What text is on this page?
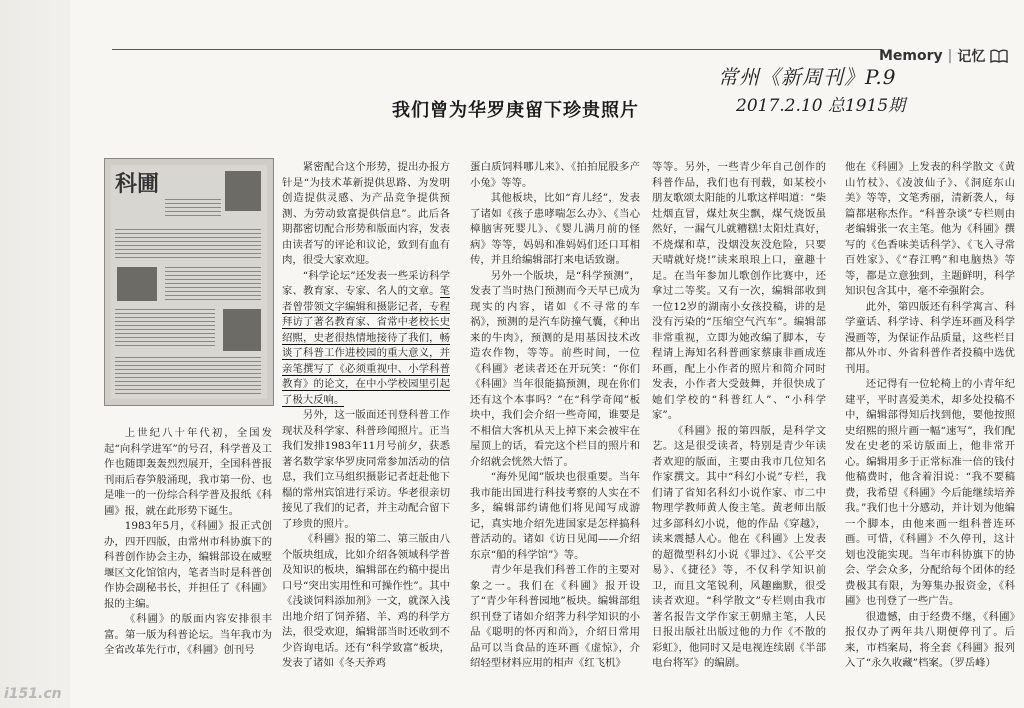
Memory | 记忆
常州《新周刊》P.9
2017.2.10 总1915期
我们曾为华罗庚留下珍贵照片
科圃

上世纪八十年代初，全国发起“向科学进军”的号召，科学普及工作也随即轰轰烈烈展开，全国科普报刊雨后春笋般涌现，我市第一份、也是唯一的一份综合科学普及报纸《科圃》报，就在此形势下诞生。

1983年5月，《科圃》报正式创办，四开四版，由常州市科协旗下的科普创作协会主办，编辑部设在威墅堰区文化馆馆内，笔者当时是科普创作协会副秘书长，并担任了《科圃》报的主编。

《科圃》的版面内容安排很丰富。第一版为科普论坛。当年我市为全省改革先行市，《科圃》创刊号

紧密配合这个形势，提出办报方针是“为技术革新提供思路、为发明创造提供灵感、为产品竞争提供预测、为劳动致富提供信息”。此后各期都密切配合形势和版面内容，发表由读者写的评论和议论，致到有血有肉，很受大家欢迎。

“科学论坛”还发表一些采访科学家、教育家、专家、名人的文章。笔者曾带领文字编辑和摄影记者，专程拜访了著名教育家、省常中老校长史绍熙，史老很热情地接待了我们，畅谈了科普工作进校园的重大意义，并亲笔撰写了《必须重视中、小学科普教育》的论文，在中小学校园里引起了极大反响。

另外，这一版面还刊登科普工作现状及科学家、科普珍闻照片。正当我们发排1983年11月号前夕，获悉著名数学家华罗庚同常参加活动的信息，我们立马组织摄影记者赶赴他下榻的常州宾馆进行采访。华老很亲切接见了我们的记者，并主动配合留下了珍贵的照片。

《科圃》报的第二、第三版由八个版块组成，比如介绍各领域科学普及知识的板块，编辑部在约稿中提出口号“突出实用性和可操作性”。其中《浅谈饲料添加剂》一文，就深入浅出地介绍了饲养猪、羊、鸡的科学方法，很受欢迎，编辑部当时还收到不少咨询电话。还有“科学致富”板块，发表了诸如《冬天养鸡

蛋白质饲料哪儿来》、《拍拍屁股多产小兔》等等。

其他板块，比如“育儿经”，发表了诸如《孩子患哮喘怎么办》、《当心樟脑害死婴儿》、《婴儿满月前的怪病》等等，妈妈和准妈妈们还口耳相传，并且给编辑部打来电话致谢。

另外一个版块，是“科学预测”，发表了当时热门预测而今天早已成为现实的内容，诸如《不寻常的车祸》，预测的是汽车防撞气囊，《种出来的牛肉》，预测的是用基因技术改造农作物，等等。前些时间，一位《科圃》老读者还在开玩笑：“你们《科圃》当年很能搞预测，现在你们还有这个本事吗？”在“科学奇闻”板块中，我们会介绍一些奇闻，谁要是不相信大客机从天上掉下来会被牢在屋顶上的话，看完这个栏目的照片和介绍就会恍然大悟了。

“海外见闻”版块也很重要。当年我市能出国进行科技考察的人实在不多，编辑部约请他们将见闻写成游记，真实地介绍先进国家是怎样搞科普活动的。诸如《访日见闻——介绍东京“船的科学馆”》等。

青少年是我们科普工作的主要对象之一。我们在《科圃》报开设了“青少年科普园地”板块。编辑部组织刊登了诸如介绍荠力科学知识的小品《聪明的怀丙和尚》，介绍日常用品可以当食品的连环画《虚惊》，介绍轻型材料应用的相声《红飞机》

等等。另外，一些青少年自己创作的科普作品，我们也有刊载，如某校小朋友歌颂太阳能的儿歌这样唱道：“柴灶烟直冒，煤灶灰尘飘，煤气烧饭虽然好，一漏气儿就糟糕!太阳灶真好，不烧煤和草，没烟没灰没危险，只要天晴就好烧!”读来琅琅上口，童趣十足。在当年参加儿歌创作比赛中，还拿过二等奖。又有一次，编辑部收到一位12岁的湖南小女孩投稿，讲的是没有污染的“压缩空气汽车”。编辑部非常重视，立即为她改编了脚本，专程请上海知名科普画家蔡康非画成连环画，配上小作者的照片和简介同时发表，小作者大受鼓舞，并很快成了她们学校的“科普红人”、“小科学家”。

《科圃》报的第四版，是科学文艺。这是很受读者，特别是青少年读者欢迎的版面，主要由我市几位知名作家撰文。其中“科幻小说”专栏，我们请了省知名科幻小说作家、市二中物理学教师黄人俊主笔。黄老师出版过多部科幻小说，他的作品《穿越》，读来震撼人心。他在《科圃》上发表的超微型科幻小说《罪过》、《公平交易》、《捷径》等，不仅科学知识前卫，而且文笔锐利，风趣幽默，很受读者欢迎。“科学散文”专栏则由我市著名报告文学作家王朝鼎主笔，人民日报出版社出版过他的力作《不散的彩虹》，他同时又是电视连续剧《半部电台将军》的编剧。

他在《科圃》上发表的科学散文《黄山竹杖》、《凌波仙子》、《洞庭东山美》等等，文笔秀丽，清新袭人，每篇都堪称杰作。“科普杂谈”专栏则由老编辑张一农主笔。他为《科圃》撰写的《色香味美话科学》、《飞入寻常百姓家》、《“春江鸭”和电脑热》等等，都是立意独到，主题鲜明，科学知识包含其中，毫不牵强附会。

此外，第四版还有科学寓言、科学童话、科学诗、科学连环画及科学漫画等，为保证作品质量，这些栏目都从外市、外省科普作者投稿中选优刊用。

还记得有一位轮椅上的小青年纪建平，平时喜爱美术，却多处投稿不中，编辑部得知后找到他，要他按照史绍熙的照片画一幅“速写”，我们配发在史老的采访版面上，他非常开心。编辑用多于正常标准一倍的钱付他稿费时，他含着泪说：“我不要稿费，我希望《科圃》今后能继续培养我。”我们也十分感动，并计划为他编一个脚本，由他来画一组科普连环画。可惜，《科圃》不久停刊，这计划也没能实现。当年市科协旗下的协会、学会众多，分配给每个团体的经费极其有限，为筹集办报资金，《科圃》也刊登了一些广告。

很遗憾，由于经费不继，《科圃》报仅办了两年共八期便停刊了。后来，市档案局，将全套《科圃》报列入了“永久收藏”档案。（罗岳峰）

i151.cn
